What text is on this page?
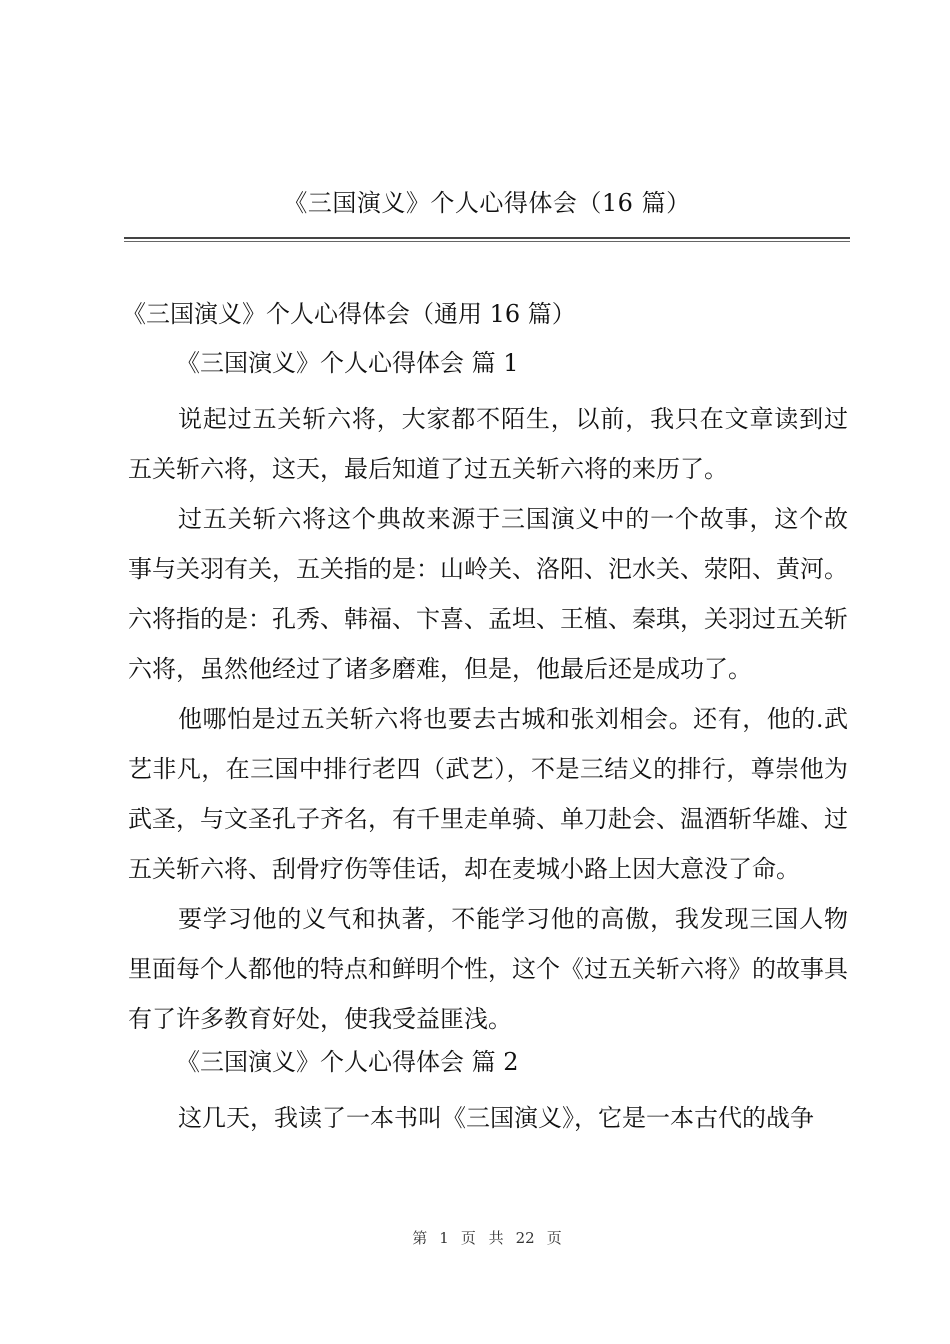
《三国演义》个人心得体会（16 篇）

《三国演义》个人心得体会（通用 16 篇）

《三国演义》个人心得体会 篇 1

说起过五关斩六将，大家都不陌生，以前，我只在文章读到过五关斩六将，这天，最后知道了过五关斩六将的来历了。

过五关斩六将这个典故来源于三国演义中的一个故事，这个故事与关羽有关，五关指的是：山岭关、洛阳、汜水关、荥阳、黄河。六将指的是：孔秀、韩福、卞喜、孟坦、王植、秦琪，关羽过五关斩六将，虽然他经过了诸多磨难，但是，他最后还是成功了。

他哪怕是过五关斩六将也要去古城和张刘相会。还有，他的.武艺非凡，在三国中排行老四（武艺），不是三结义的排行，尊崇他为武圣，与文圣孔子齐名，有千里走单骑、单刀赴会、温酒斩华雄、过五关斩六将、刮骨疗伤等佳话，却在麦城小路上因大意没了命。

要学习他的义气和执著，不能学习他的高傲，我发现三国人物里面每个人都他的特点和鲜明个性，这个《过五关斩六将》的故事具有了许多教育好处，使我受益匪浅。

《三国演义》个人心得体会 篇 2

这几天，我读了一本书叫《三国演义》，它是一本古代的战争

第 1 页 共 22 页
